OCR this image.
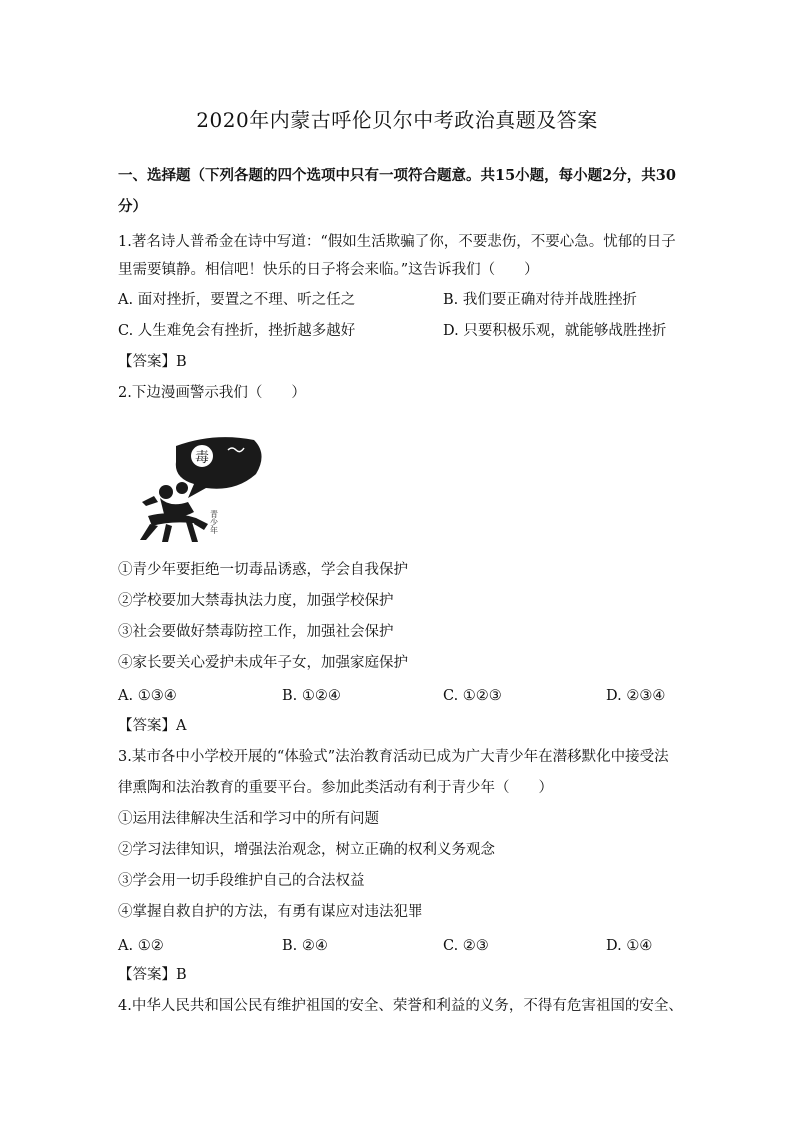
2020年内蒙古呼伦贝尔中考政治真题及答案
一、选择题（下列各题的四个选项中只有一项符合题意。共15小题，每小题2分，共30
分）
1.著名诗人普希金在诗中写道：“假如生活欺骗了你，不要悲伤，不要心急。忧郁的日子
里需要镇静。相信吧！快乐的日子将会来临。”这告诉我们（　　）
A. 面对挫折，要置之不理、听之任之	B. 我们要正确对待并战胜挫折
C. 人生难免会有挫折，挫折越多越好	D. 只要积极乐观，就能够战胜挫折
【答案】B
2.下边漫画警示我们（　　）
毒
青少年
①青少年要拒绝一切毒品诱惑，学会自我保护
②学校要加大禁毒执法力度，加强学校保护
③社会要做好禁毒防控工作，加强社会保护
④家长要关心爱护未成年子女，加强家庭保护
A. ①③④	B. ①②④	C. ①②③	D. ②③④
【答案】A
3.某市各中小学校开展的“体验式”法治教育活动已成为广大青少年在潜移默化中接受法
律熏陶和法治教育的重要平台。参加此类活动有利于青少年（　　）
①运用法律解决生活和学习中的所有问题
②学习法律知识，增强法治观念，树立正确的权利义务观念
③学会用一切手段维护自己的合法权益
④掌握自救自护的方法，有勇有谋应对违法犯罪
A. ①②	B. ②④	C. ②③	D. ①④
【答案】B
4.中华人民共和国公民有维护祖国的安全、荣誉和利益的义务，不得有危害祖国的安全、
